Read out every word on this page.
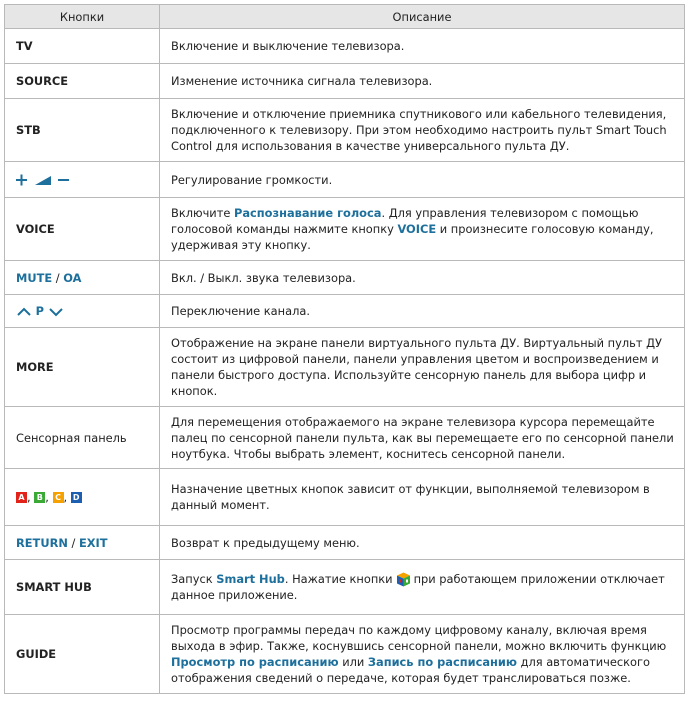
Кнопки	Описание
TV	Включение и выключение телевизора.
SOURCE	Изменение источника сигнала телевизора.
STB	Включение и отключение приемника спутникового или кабельного телевидения, подключенного к телевизору. При этом необходимо настроить пульт Smart Touch Control для использования в качестве универсального пульта ДУ.
	Регулирование громкости.
VOICE	Включите Распознавание голоса. Для управления телевизором с помощью голосовой команды нажмите кнопку VOICE и произнесите голосовую команду, удерживая эту кнопку.
MUTE / OA	Вкл. / Выкл. звука телевизора.
P	Переключение канала.
MORE	Отображение на экране панели виртуального пульта ДУ. Виртуальный пульт ДУ состоит из цифровой панели, панели управления цветом и воспроизведением и панели быстрого доступа. Используйте сенсорную панель для выбора цифр и кнопок.
Сенсорная панель	Для перемещения отображаемого на экране телевизора курсора перемещайте палец по сенсорной панели пульта, как вы перемещаете его по сенсорной панели ноутбука. Чтобы выбрать элемент, коснитесь сенсорной панели.
A , B , C , D	Назначение цветных кнопок зависит от функции, выполняемой телевизором в данный момент.
RETURN / EXIT	Возврат к предыдущему меню.
SMART HUB	Запуск Smart Hub. Нажатие кнопки при работающем приложении отключает данное приложение.
GUIDE	Просмотр программы передач по каждому цифровому каналу, включая время выхода в эфир. Также, коснувшись сенсорной панели, можно включить функцию Просмотр по расписанию или Запись по расписанию для автоматического отображения сведений о передаче, которая будет транслироваться позже.
